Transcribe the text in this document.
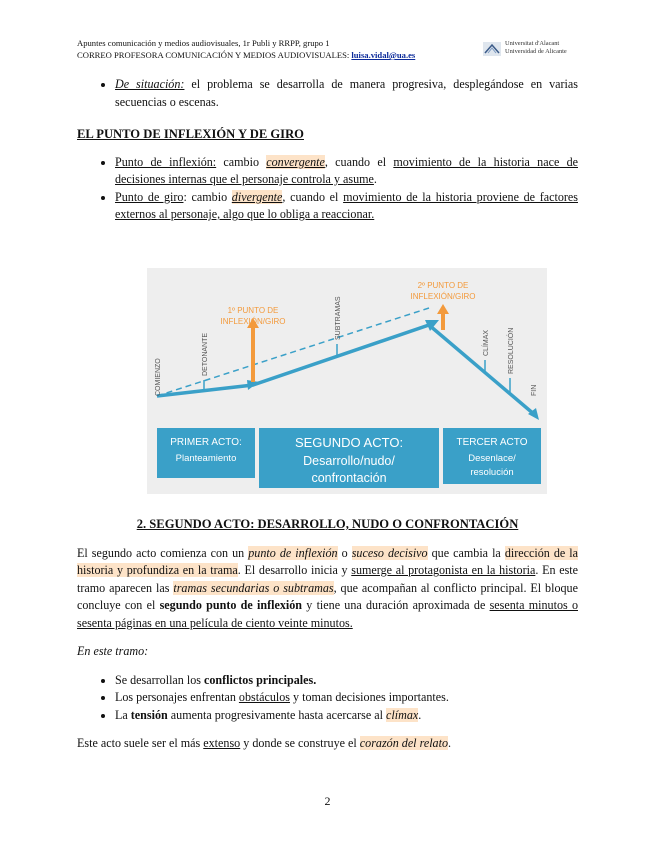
Apuntes comunicación y medios audiovisuales, 1r Publi y RRPP, grupo 1
CORREO PROFESORA COMUNICACIÓN Y MEDIOS AUDIOVISUALES: luisa.vidal@ua.es
Universitat d'Alacant
Universidad de Alicante
• De situación: el problema se desarrolla de manera progresiva, desplegándose en varias secuencias o escenas.
EL PUNTO DE INFLEXIÓN Y DE GIRO
• Punto de inflexión: cambio convergente, cuando el movimiento de la historia nace de decisiones internas que el personaje controla y asume.
• Punto de giro: cambio divergente, cuando el movimiento de la historia proviene de factores externos al personaje, algo que lo obliga a reaccionar.
COMIENZO
DETONANTE
SUBTRAMAS
CLÍMAX	RESOLUCIÓN
FIN
1º PUNTO DE
INFLEXIÓN/GIRO
2º PUNTO DE
INFLEXIÓN/GIRO
PRIMER ACTO:
Planteamiento
SEGUNDO ACTO:
Desarrollo/nudo/
confrontación
TERCER ACTO
Desenlace/
resolución
2. SEGUNDO ACTO: DESARROLLO, NUDO O CONFRONTACIÓN

El segundo acto comienza con un punto de inflexión o suceso decisivo que cambia la dirección de la historia y profundiza en la trama. El desarrollo inicia y sumerge al protagonista en la historia. En este tramo aparecen las tramas secundarias o subtramas, que acompañan al conflicto principal. El bloque concluye con el segundo punto de inflexión y tiene una duración aproximada de sesenta minutos o sesenta páginas en una película de ciento veinte minutos.

En este tramo:

• Se desarrollan los conflictos principales.
• Los personajes enfrentan obstáculos y toman decisiones importantes.
• La tensión aumenta progresivamente hasta acercarse al clímax.

Este acto suele ser el más extenso y donde se construye el corazón del relato.

2
